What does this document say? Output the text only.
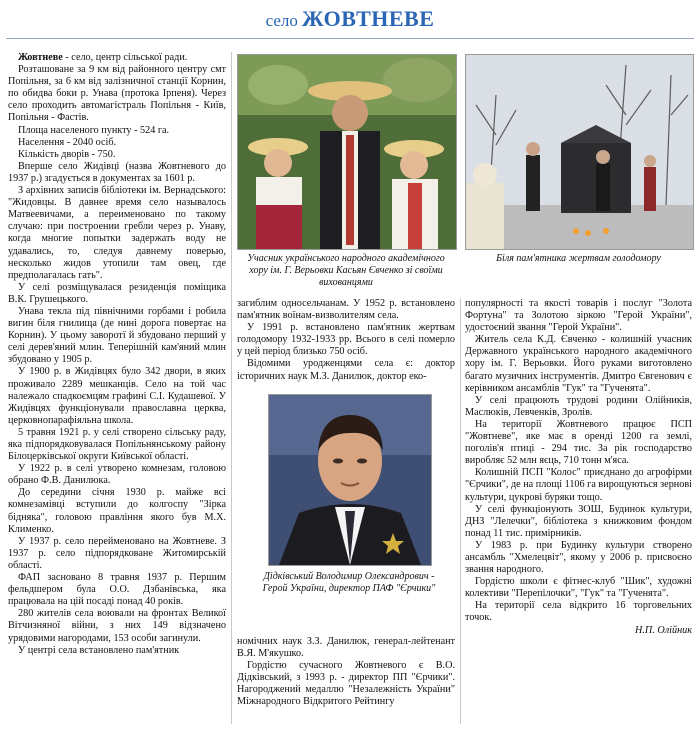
село ЖОВТНЕВЕ

Жовтневе - село, центр сільської ради.

Розташоване за 9 км від районного центру смт Попільня, за 6 км від залізничної станції Корнин, по обидва боки р. Унава (протока Ірпеня). Через село проходить автомагістраль Попільня - Київ, Попільня - Фастів.

Площа населеного пункту - 524 га.

Населення - 2040 осіб.

Кількість дворів - 750.

Вперше село Жидівці (назва Жовтневого до 1937 р.) згадується в документах за 1601 р.

З архівних записів бібліотеки ім. Вернадського: "Жидовцы. В давнее время село называлось Матвеевичами, а переименовано по такому случаю: при построении гребли через р. Унаву, когда многие попытки задержать воду не удавались, то, следуя давнему поверью, несколько жидов утопили там овец, где предполагалась гать".

У селі розміщувалася резиденція поміщика В.К. Грушецького.

Унава текла під північними горбами і робила вигин біля гнилища (де нині дорога повертає на Корнин). У цьому заворотї й збудовано перший у селі дерев'яний млин. Теперішній кам'яний млин збудовано у 1905 р.

У 1900 р. в Жидівцях було 342 двори, в яких проживало 2289 мешканців. Село на той час належало спадкоємцям графині С.І. Кудашевої. У Жидівцях функціонували православна церква, церковнопарафіяльна школа.

5 травня 1921 р. у селі створено сільську раду, яка підпорядковувалася Попільнянському району Білоцерківської округи Київської області.

У 1922 р. в селі утворено комнезам, головою обрано Ф.В. Данилюка.

До середини січня 1930 р. майже всі комнезамівці вступили до колгоспу "Зірка бідняка", головою правління якого був М.Х. Клименко.

У 1937 р. село перейменовано на Жовтневе. З 1937 р. село підпорядковане Житомирській області.

ФАП засновано 8 травня 1937 р. Першим фельдшером була О.О. Дзбанівська, яка працювала на цій посаді понад 40 років.

280 жителів села воювали на фронтах Великої Вітчизняної війни, з них 149 відзначено урядовими нагородами, 153 особи загинули.

У центрі села встановлено пам'ятник

Учасник українського народного академічного хору ім. Г. Верьовки Касьян Євченко зі своїми вихованцями
Біля пам'ятника жертвам голодомору

загиблим односельчанам. У 1952 р. встановлено пам'ятник воїнам-визволителям села.

У 1991 р. встановлено пам'ятник жертвам голодомору 1932-1933 рр. Всього в селі померло у цей період близько 750 осіб.

Відомими уродженцями села є: доктор історичних наук М.З. Данилюк, доктор еко-

Дідківський Володимир Олександрович - Герой України, директор ПАФ "Єрчики"

номічних наук З.З. Данилюк, генерал-лейтенант В.Я. М'якушко.

Гордістю сучасного Жовтневого є В.О. Дідківський, з 1993 р. - директор ПП "Єрчики". Нагороджений медаллю "Незалежність України" Міжнародного Відкритого Рейтингу

популярності та якості товарів і послуг "Золота Фортуна" та Золотою зіркою "Герой України", удостоєний звання "Герой України".

Житель села К.Д. Євченко - колишній учасник Державного українського народного академічного хору ім. Г. Верьовки. Його руками виготовлено багато музичних інструментів. Дмитро Євгенович є керівником ансамблів "Гук" та "Гученята".

У селі працюють трудові родини Олійників, Маслюків, Левченків, Зролів.

На території Жовтневого працює ПСП "Жовтневе", яке має в оренді 1200 га землі, поголів'я птиці - 294 тис. За рік господарство виробляє 52 млн яєць, 710 тонн м'яса.

Колишній ПСП "Колос" приєднано до агрофірми "Єрчики", де на площі 1106 га вирощуються зернові культури, цукрові буряки тощо.

У селі функціонують ЗОШ, Будинок культури, ДНЗ "Лелечки", бібліотека з книжковим фондом понад 11 тис. примірників.

У 1983 р. при Будинку культури створено ансамбль "Хмелецвіт", якому у 2006 р. присвоєно звання народного.

Гордістю школи є фітнес-клуб "Шик", художні колективи "Перепілочки", "Гук" та "Гученята".

На території села відкрито 16 торговельних точок.

Н.П. Олійник
